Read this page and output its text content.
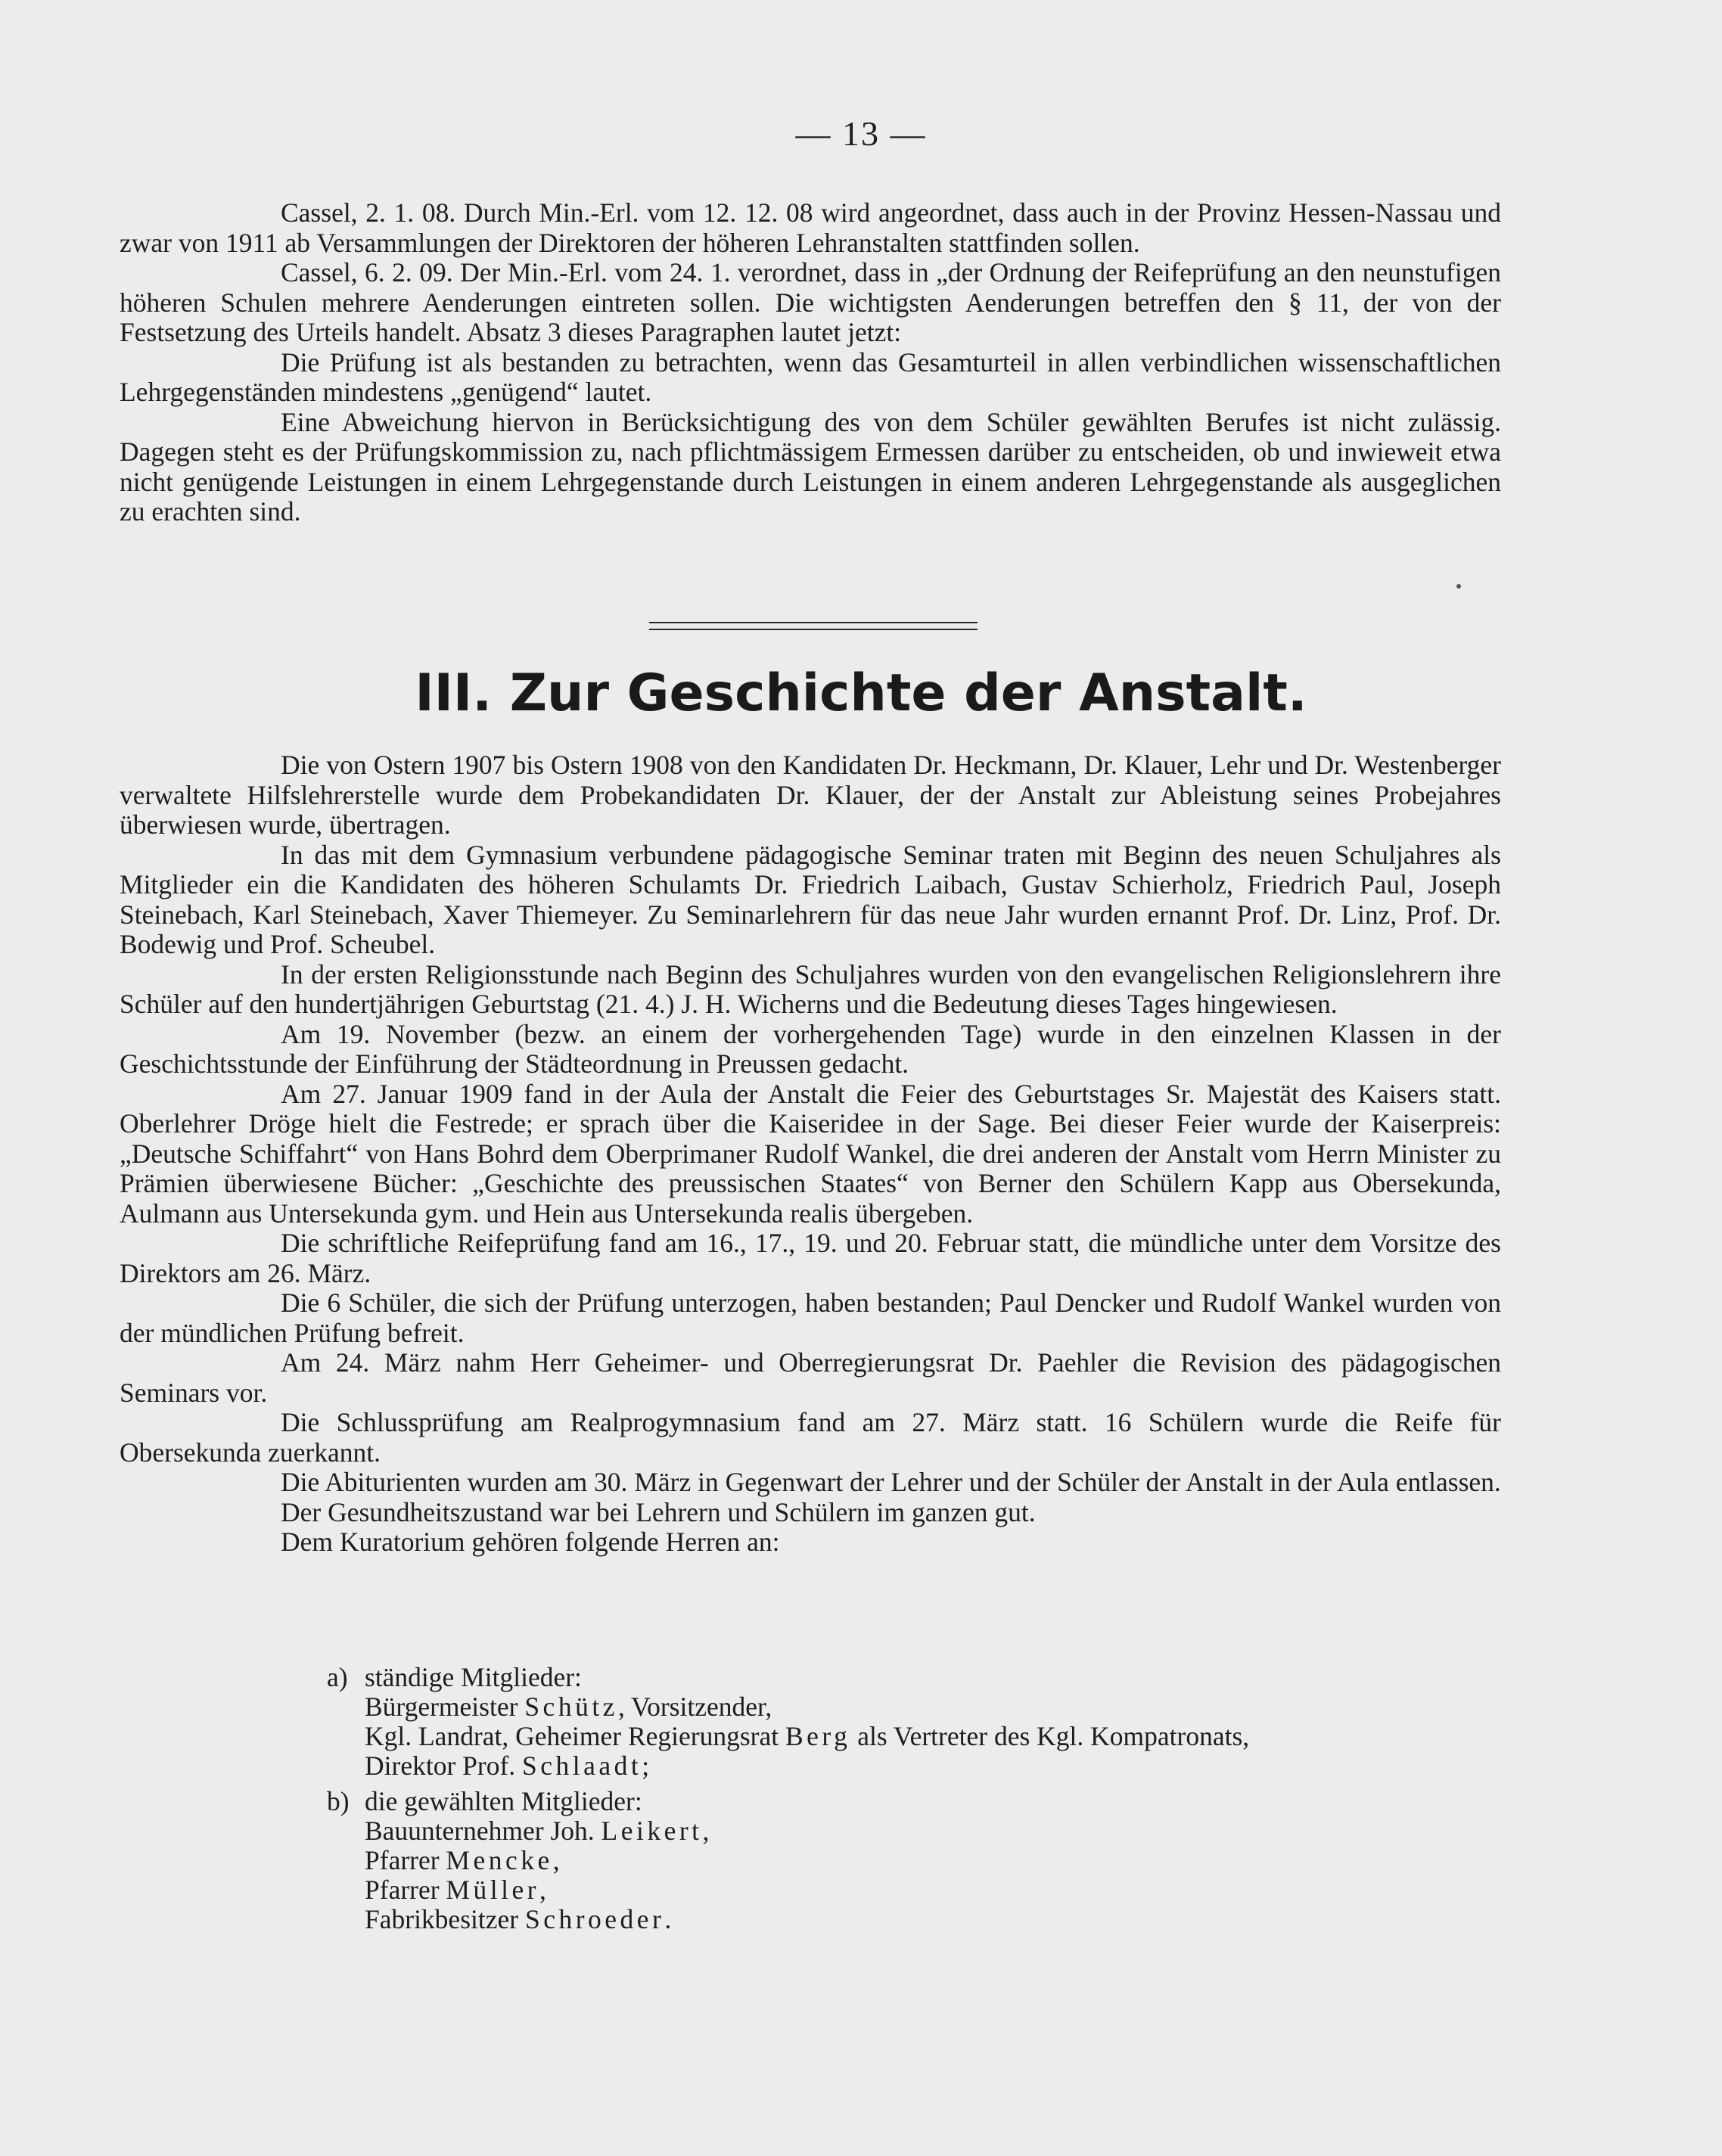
— 13 —

Cassel, 2. 1. 08. Durch Min.-Erl. vom 12. 12. 08 wird angeordnet, dass auch in der Provinz Hessen-Nassau und zwar von 1911 ab Versammlungen der Direktoren der höheren Lehranstalten stattfinden sollen.

Cassel, 6. 2. 09. Der Min.-Erl. vom 24. 1. verordnet, dass in „der Ordnung der Reifeprüfung an den neunstufigen höheren Schulen mehrere Aenderungen eintreten sollen. Die wichtigsten Aenderungen betreffen den § 11, der von der Festsetzung des Urteils handelt. Absatz 3 dieses Paragraphen lautet jetzt:

Die Prüfung ist als bestanden zu betrachten, wenn das Gesamturteil in allen verbindlichen wissenschaftlichen Lehrgegenständen mindestens „genügend“ lautet.

Eine Abweichung hiervon in Berücksichtigung des von dem Schüler gewählten Berufes ist nicht zulässig. Dagegen steht es der Prüfungskommission zu, nach pflichtmässigem Ermessen darüber zu entscheiden, ob und inwieweit etwa nicht genügende Leistungen in einem Lehrgegenstande durch Leistungen in einem anderen Lehrgegenstande als ausgeglichen zu erachten sind.

III. Zur Geschichte der Anstalt.

Die von Ostern 1907 bis Ostern 1908 von den Kandidaten Dr. Heckmann, Dr. Klauer, Lehr und Dr. Westenberger verwaltete Hilfslehrerstelle wurde dem Probekandidaten Dr. Klauer, der der Anstalt zur Ableistung seines Probejahres überwiesen wurde, übertragen.

In das mit dem Gymnasium verbundene pädagogische Seminar traten mit Beginn des neuen Schuljahres als Mitglieder ein die Kandidaten des höheren Schulamts Dr. Friedrich Laibach, Gustav Schierholz, Friedrich Paul, Joseph Steinebach, Karl Steinebach, Xaver Thiemeyer. Zu Seminarlehrern für das neue Jahr wurden ernannt Prof. Dr. Linz, Prof. Dr. Bodewig und Prof. Scheubel.

In der ersten Religionsstunde nach Beginn des Schuljahres wurden von den evangelischen Religionslehrern ihre Schüler auf den hundertjährigen Geburtstag (21. 4.) J. H. Wicherns und die Bedeutung dieses Tages hingewiesen.

Am 19. November (bezw. an einem der vorhergehenden Tage) wurde in den einzelnen Klassen in der Geschichtsstunde der Einführung der Städteordnung in Preussen gedacht.

Am 27. Januar 1909 fand in der Aula der Anstalt die Feier des Geburtstages Sr. Majestät des Kaisers statt. Oberlehrer Dröge hielt die Festrede; er sprach über die Kaiseridee in der Sage. Bei dieser Feier wurde der Kaiserpreis: „Deutsche Schiffahrt“ von Hans Bohrd dem Oberprimaner Rudolf Wankel, die drei anderen der Anstalt vom Herrn Minister zu Prämien überwiesene Bücher: „Geschichte des preussischen Staates“ von Berner den Schülern Kapp aus Obersekunda, Aulmann aus Untersekunda gym. und Hein aus Untersekunda realis übergeben.

Die schriftliche Reifeprüfung fand am 16., 17., 19. und 20. Februar statt, die mündliche unter dem Vorsitze des Direktors am 26. März.

Die 6 Schüler, die sich der Prüfung unterzogen, haben bestanden; Paul Dencker und Rudolf Wankel wurden von der mündlichen Prüfung befreit.

Am 24. März nahm Herr Geheimer- und Oberregierungsrat Dr. Paehler die Revision des pädagogischen Seminars vor.

Die Schlussprüfung am Realprogymnasium fand am 27. März statt. 16 Schülern wurde die Reife für Obersekunda zuerkannt.

Die Abiturienten wurden am 30. März in Gegenwart der Lehrer und der Schüler der Anstalt in der Aula entlassen.

Der Gesundheitszustand war bei Lehrern und Schülern im ganzen gut.

Dem Kuratorium gehören folgende Herren an:

a) ständige Mitglieder:
Bürgermeister Schütz, Vorsitzender,
Kgl. Landrat, Geheimer Regierungsrat Berg als Vertreter des Kgl. Kompatronats,
Direktor Prof. Schlaadt;
b) die gewählten Mitglieder:
Bauunternehmer Joh. Leikert,
Pfarrer Mencke,
Pfarrer Müller,
Fabrikbesitzer Schroeder.
